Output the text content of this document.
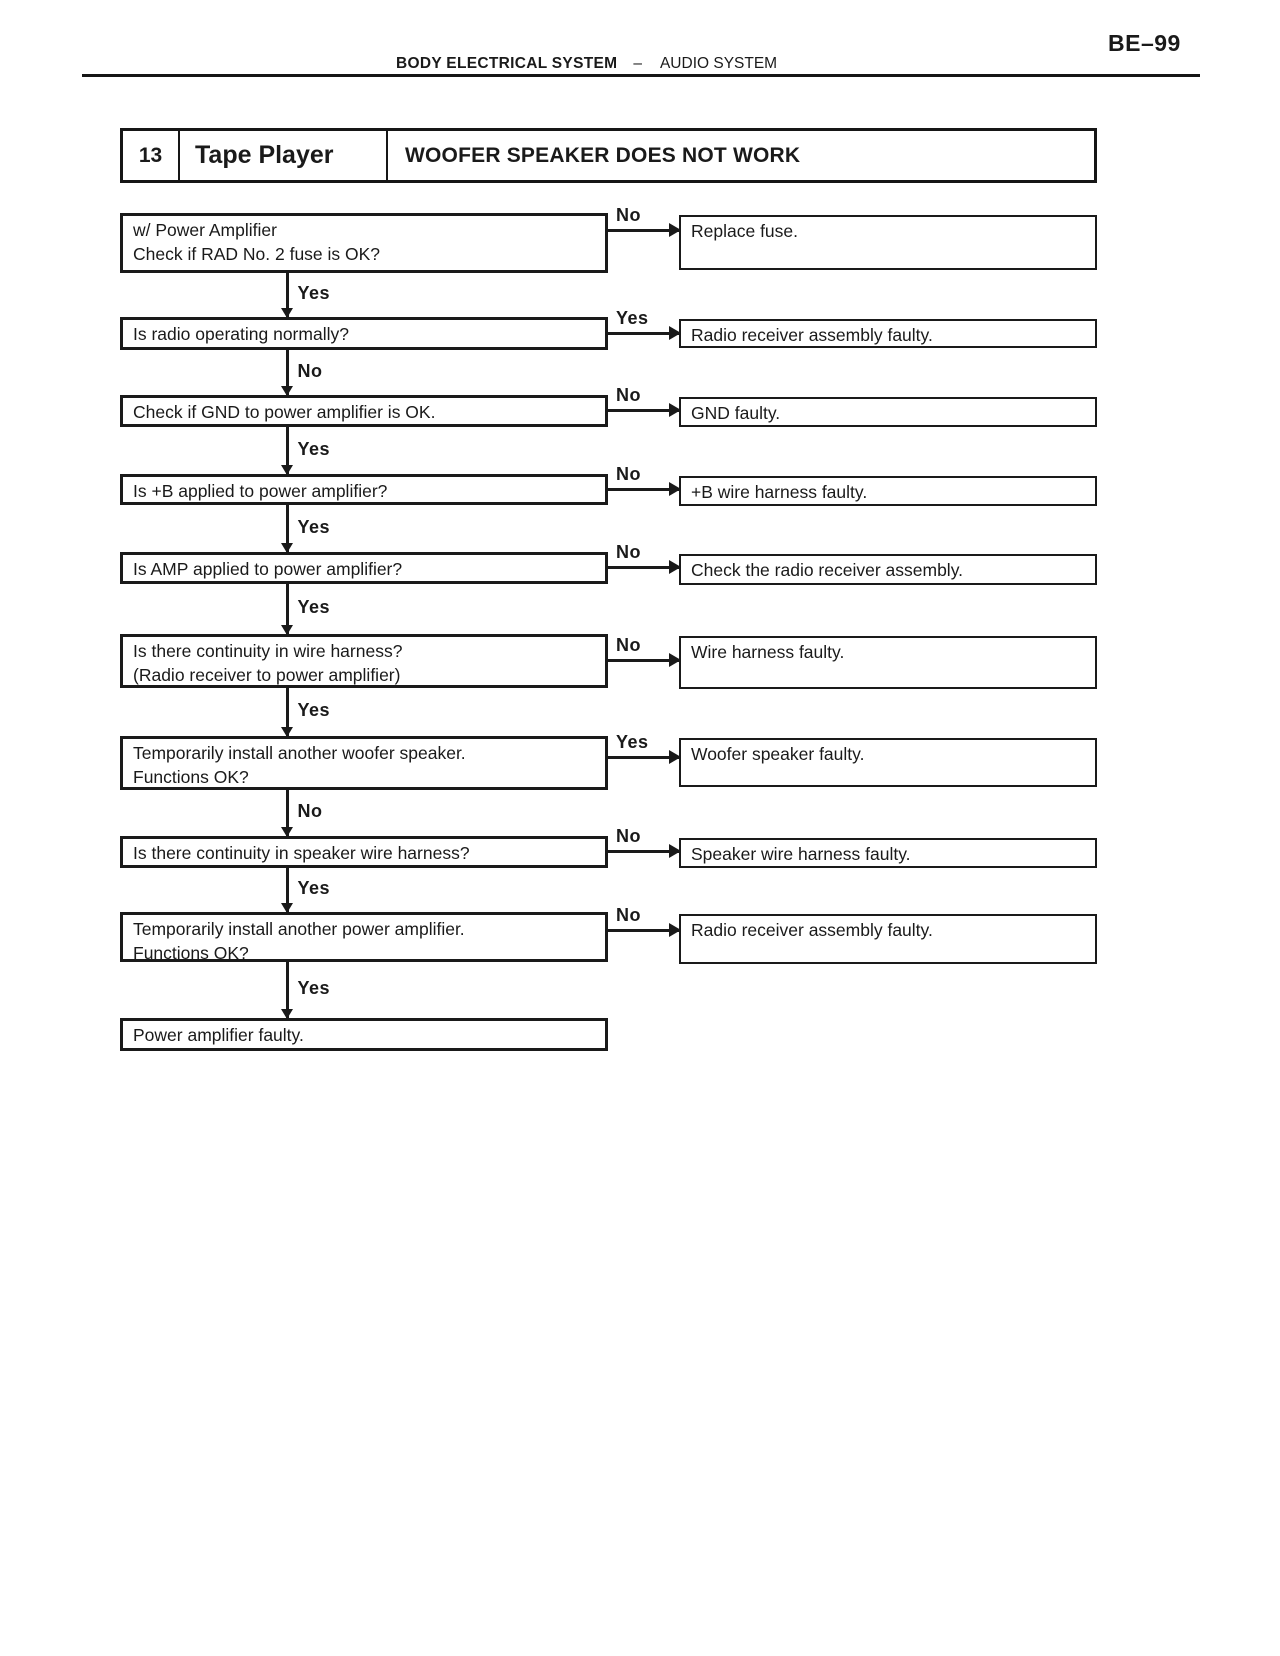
BE–99
BODY ELECTRICAL SYSTEM – AUDIO SYSTEM
13	Tape Player	WOOFER SPEAKER DOES NOT WORK
w/ Power Amplifier
Check if RAD No. 2 fuse is OK?
No
Replace fuse.
Yes
Is radio operating normally?
Yes
Radio receiver assembly faulty.
No
Check if GND to power amplifier is OK.
No
GND faulty.
Yes
Is +B applied to power amplifier?
No
+B wire harness faulty.
Yes
Is AMP applied to power amplifier?
No
Check the radio receiver assembly.
Yes
Is there continuity in wire harness?
(Radio receiver to power amplifier)
No	Wire harness faulty.
Yes
Temporarily install another woofer speaker.
Functions OK?
Yes
Woofer speaker faulty.
No
Is there continuity in speaker wire harness?
No
Speaker wire harness faulty.
Yes
Temporarily install another power amplifier.
Functions OK?
No
Radio receiver assembly faulty.
Yes
Power amplifier faulty.
